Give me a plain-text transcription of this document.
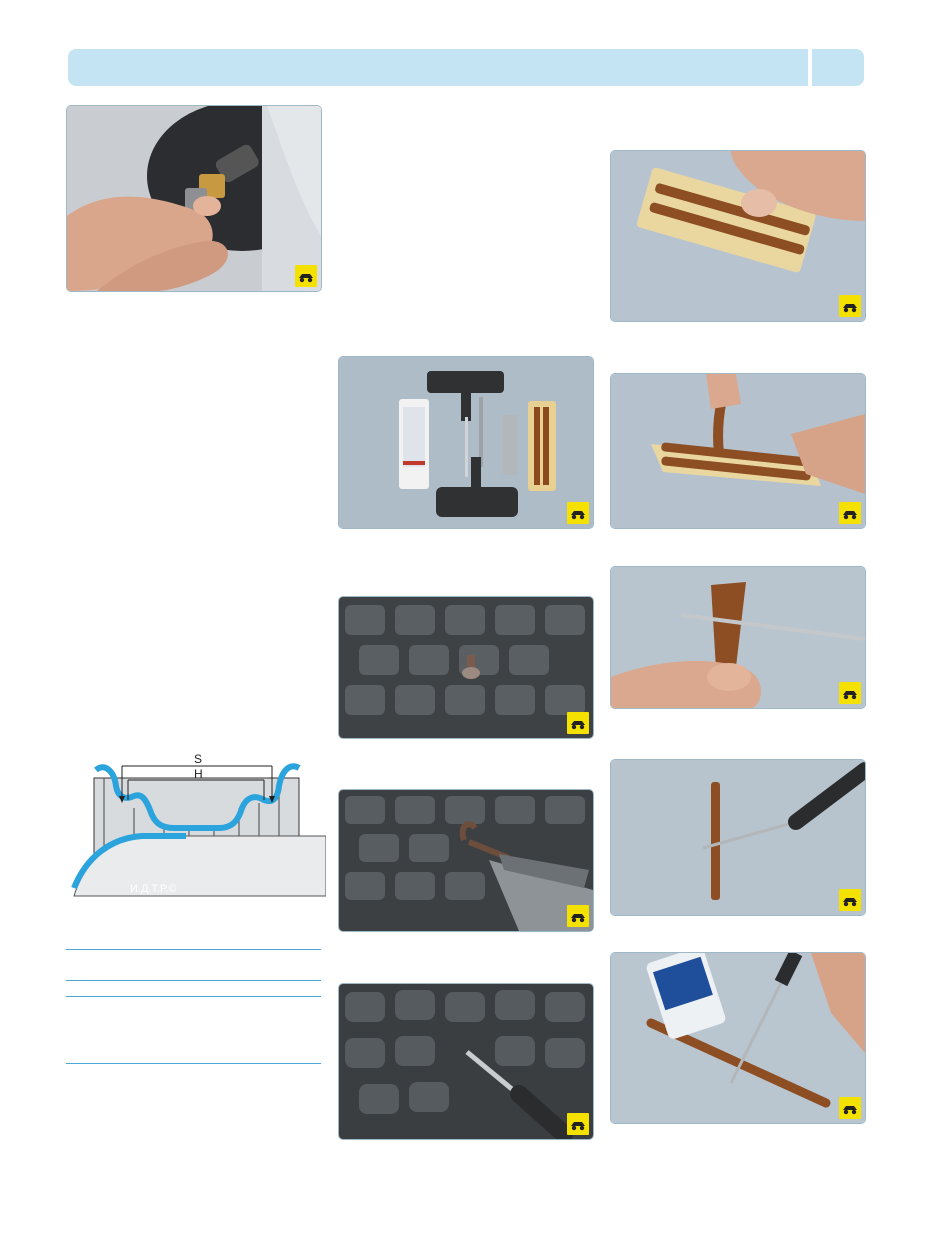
S
H
И.Д.Т.Р.©
